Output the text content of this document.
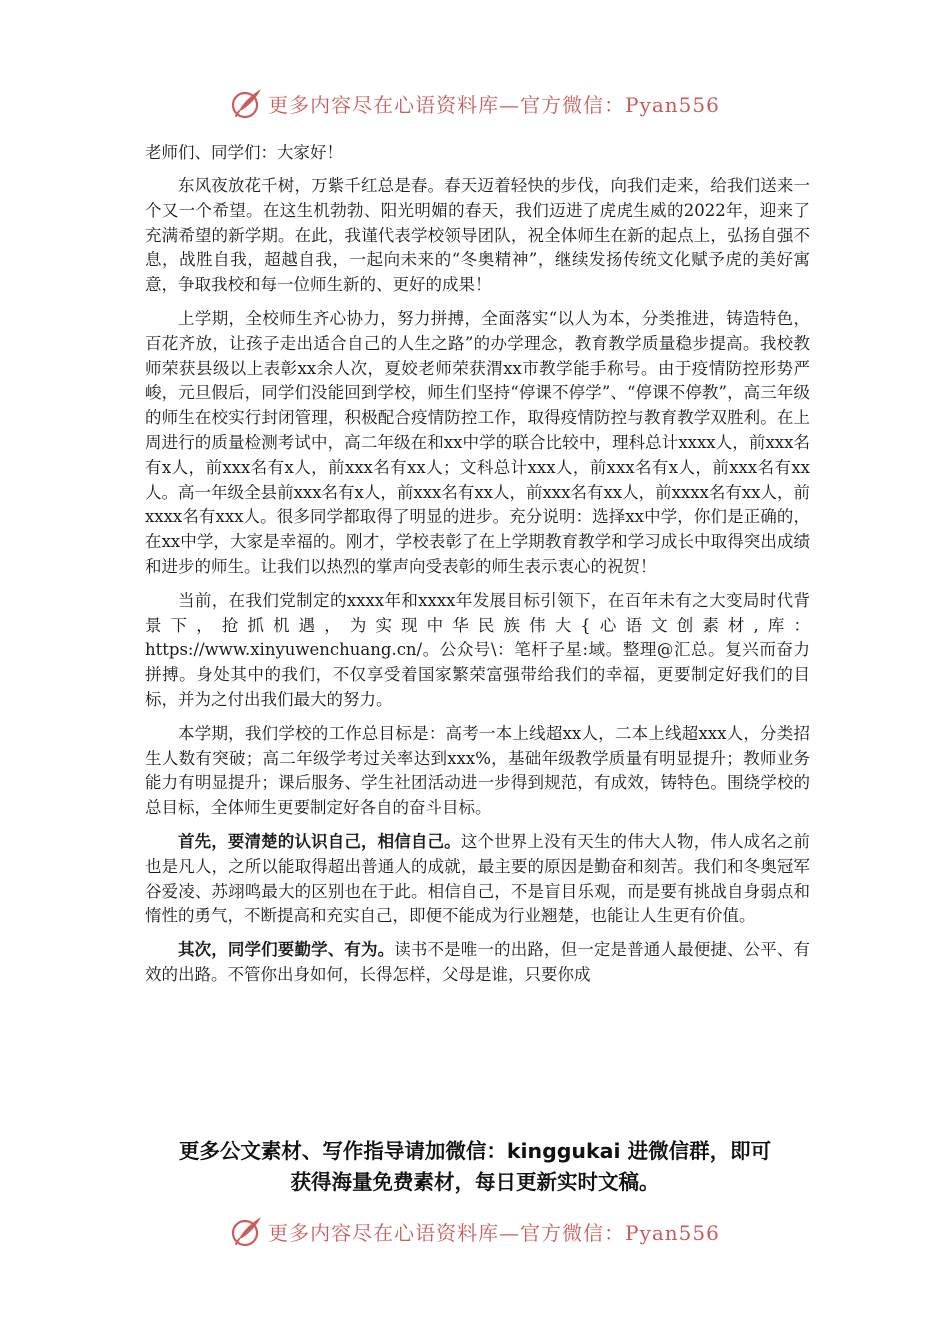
更多内容尽在心语资料库—官方微信：Pyan556

老师们、同学们：大家好！

东风夜放花千树，万紫千红总是春。春天迈着轻快的步伐，向我们走来，给我们送来一个又一个希望。在这生机勃勃、阳光明媚的春天，我们迈进了虎虎生威的2022年，迎来了充满希望的新学期。在此，我谨代表学校领导团队，祝全体师生在新的起点上，弘扬自强不息，战胜自我，超越自我，一起向未来的“冬奥精神”，继续发扬传统文化赋予虎的美好寓意，争取我校和每一位师生新的、更好的成果！

上学期，全校师生齐心协力，努力拼搏，全面落实“以人为本，分类推进，铸造特色，百花齐放，让孩子走出适合自己的人生之路”的办学理念，教育教学质量稳步提高。我校教师荣获县级以上表彰xx余人次，夏姣老师荣获渭xx市教学能手称号。由于疫情防控形势严峻，元旦假后，同学们没能回到学校，师生们坚持“停课不停学”、“停课不停教”，高三年级的师生在校实行封闭管理，积极配合疫情防控工作，取得疫情防控与教育教学双胜利。在上周进行的质量检测考试中，高二年级在和xx中学的联合比较中，理科总计xxxx人，前xxx名有x人，前xxx名有x人，前xxx名有xx人；文科总计xxx人，前xxx名有x人，前xxx名有xx人。高一年级全县前xxx名有x人，前xxx名有xx人，前xxx名有xx人，前xxxx名有xx人，前xxxx名有xxx人。很多同学都取得了明显的进步。充分说明：选择xx中学，你们是正确的，在xx中学，大家是幸福的。刚才，学校表彰了在上学期教育教学和学习成长中取得突出成绩和进步的师生。让我们以热烈的掌声向受表彰的师生表示衷心的祝贺！

当前，在我们党制定的xxxx年和xxxx年发展目标引领下，在百年未有之大变局时代背景下，抢抓机遇，为实现中华民族伟大{心语文创素材,库：https://www.xinyuwenchuang.cn/。公众号\：笔杆子星:域。整理@汇总。复兴而奋力拼搏。身处其中的我们，不仅享受着国家繁荣富强带给我们的幸福，更要制定好我们的目标，并为之付出我们最大的努力。

本学期，我们学校的工作总目标是：高考一本上线超xx人，二本上线超xxx人，分类招生人数有突破；高二年级学考过关率达到xxx%，基础年级教学质量有明显提升；教师业务能力有明显提升；课后服务、学生社团活动进一步得到规范，有成效，铸特色。围绕学校的总目标，全体师生更要制定好各自的奋斗目标。

首先，要清楚的认识自己，相信自己。这个世界上没有天生的伟大人物，伟人成名之前也是凡人，之所以能取得超出普通人的成就，最主要的原因是勤奋和刻苦。我们和冬奥冠军谷爱凌、苏翊鸣最大的区别也在于此。相信自己，不是盲目乐观，而是要有挑战自身弱点和惰性的勇气，不断提高和充实自己，即便不能成为行业翘楚，也能让人生更有价值。

其次，同学们要勤学、有为。读书不是唯一的出路，但一定是普通人最便捷、公平、有效的出路。不管你出身如何，长得怎样，父母是谁，只要你成

更多公文素材、写作指导请加微信：kinggukai 进微信群，即可
获得海量免费素材，每日更新实时文稿。
更多内容尽在心语资料库—官方微信：Pyan556
